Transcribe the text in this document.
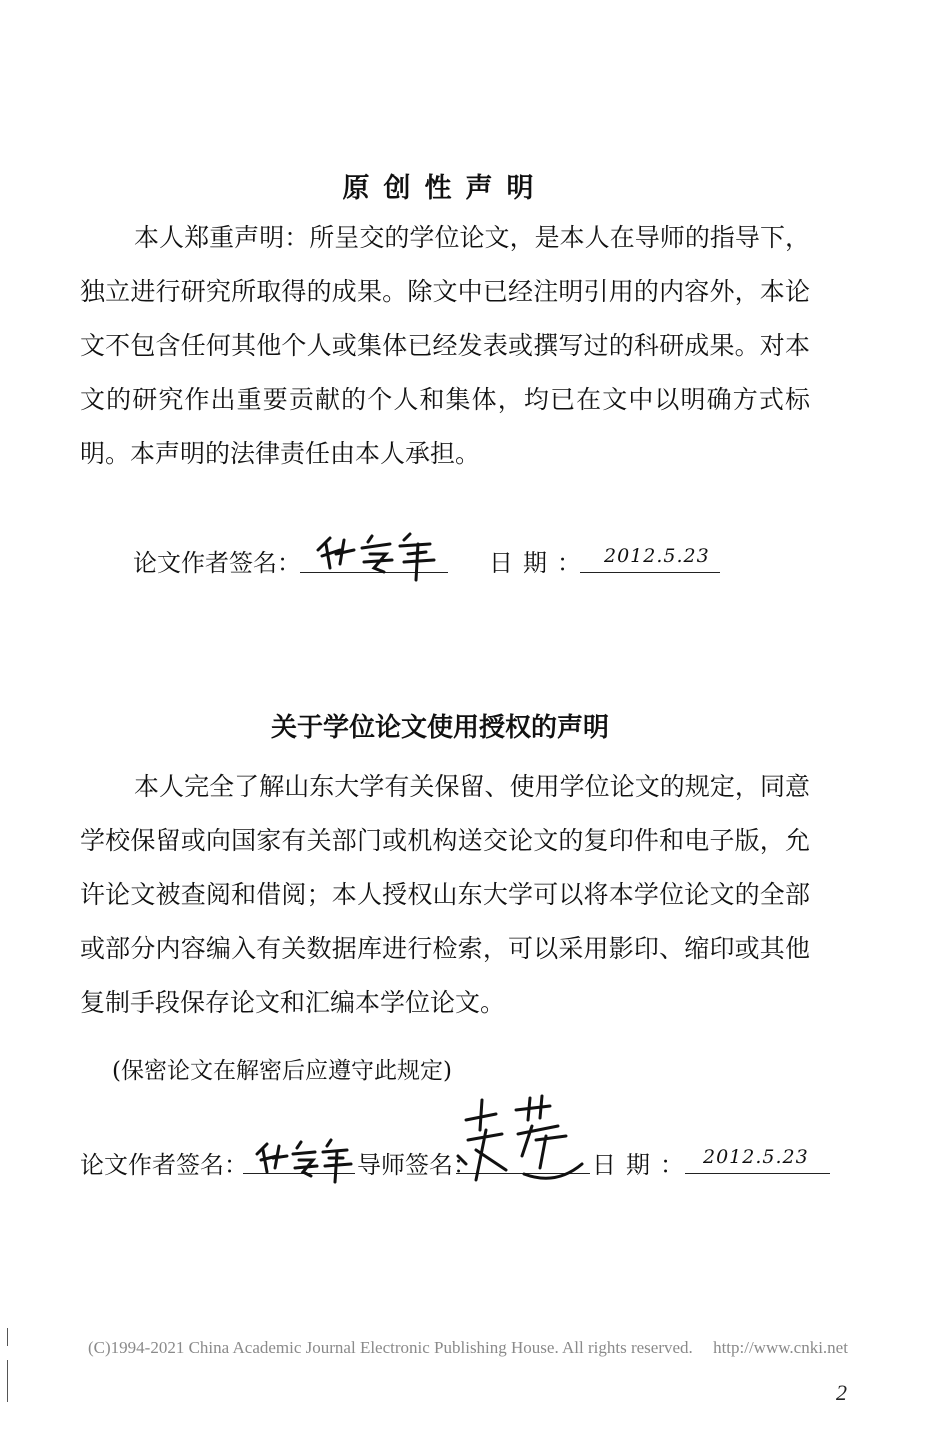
原创性声明

本人郑重声明：所呈交的学位论文，是本人在导师的指导下，独立进行研究所取得的成果。除文中已经注明引用的内容外，本论文不包含任何其他个人或集体已经发表或撰写过的科研成果。对本文的研究作出重要贡献的个人和集体，均已在文中以明确方式标明。本声明的法律责任由本人承担。

论文作者签名：	日期： 2012.5.23
关于学位论文使用授权的声明

本人完全了解山东大学有关保留、使用学位论文的规定，同意学校保留或向国家有关部门或机构送交论文的复印件和电子版，允许论文被查阅和借阅；本人授权山东大学可以将本学位论文的全部或部分内容编入有关数据库进行检索，可以采用影印、缩印或其他复制手段保存论文和汇编本学位论文。

(保密论文在解密后应遵守此规定)
论文作者签名：	导师签名：	日期： 2012.5.23
(C)1994-2021 China Academic Journal Electronic Publishing House. All rights reserved. http://www.cnki.net
2
